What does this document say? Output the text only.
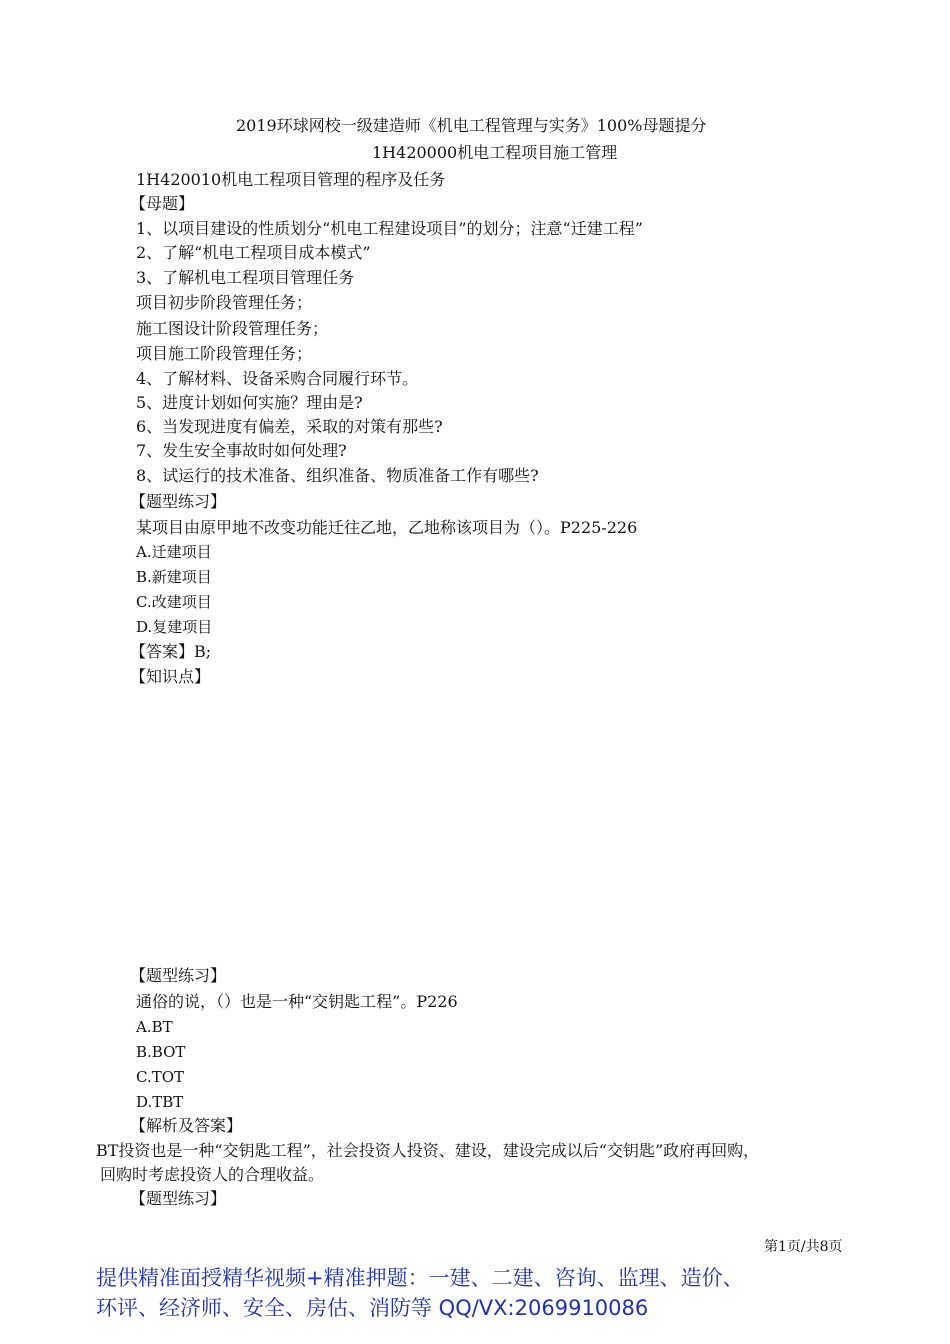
2019环球网校一级建造师《机电工程管理与实务》100%母题提分
1H420000机电工程项目施工管理
1H420010机电工程项目管理的程序及任务
【母题】
1、以项目建设的性质划分“机电工程建设项目”的划分；注意“迁建工程”
2、了解“机电工程项目成本模式”
3、了解机电工程项目管理任务
项目初步阶段管理任务；
施工图设计阶段管理任务；
项目施工阶段管理任务；
4、了解材料、设备采购合同履行环节。
5、进度计划如何实施？理由是?
6、当发现进度有偏差，采取的对策有那些?
7、发生安全事故时如何处理?
8、试运行的技术准备、组织准备、物质准备工作有哪些?
【题型练习】
某项目由原甲地不改变功能迁往乙地，乙地称该项目为（）。P225-226
A.迁建项目
B.新建项目
C.改建项目
D.复建项目
【答案】B;
【知识点】
【题型练习】
通俗的说，（）也是一种“交钥匙工程”。P226
A.BT
B.BOT
C.TOT
D.TBT
【解析及答案】
BT投资也是一种“交钥匙工程”，社会投资人投资、建设，建设完成以后“交钥匙”政府再回购，
回购时考虑投资人的合理收益。
【题型练习】
第1页/共8页
提供精准面授精华视频+精准押题：一建、二建、咨询、监理、造价、
环评、经济师、安全、房估、消防等 QQ/VX:2069910086
